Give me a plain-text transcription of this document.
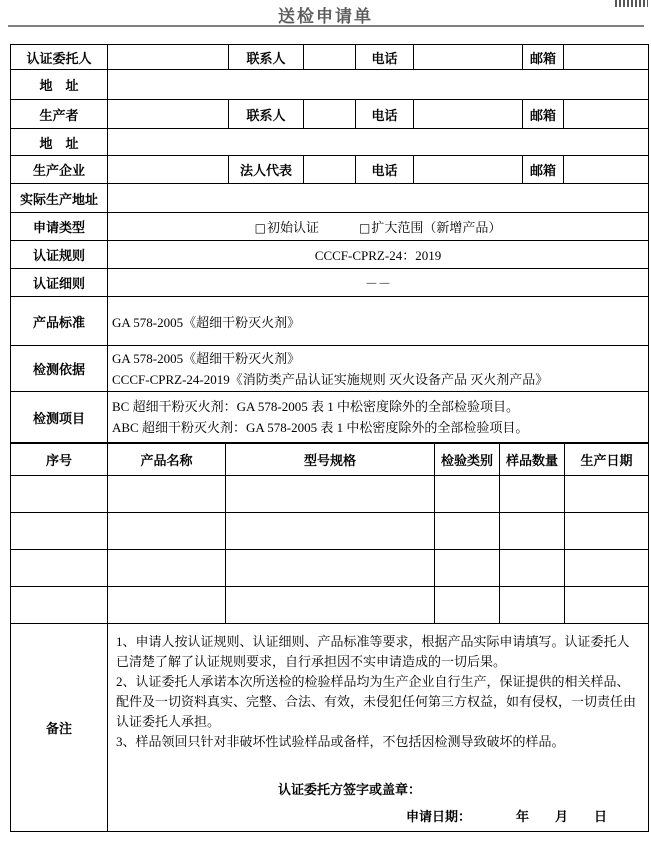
送检申请单
认证委托人		联系人		电话		邮箱	
地　址							
生产者		联系人		电话		邮箱	
地　址							
生产企业		法人代表		电话		邮箱	
实际生产地址							
申请类型	□初始认证 □扩大范围（新增产品）						
认证规则	CCCF-CPRZ-24：2019						
认证细则	－－						
产品标准	GA 578-2005《超细干粉灭火剂》						
检测依据	GA 578-2005《超细干粉灭火剂》
CCCF-CPRZ-24-2019《消防类产品认证实施规则 灭火设备产品 灭火剂产品》						

检测项目	BC 超细干粉灭火剂：GA 578-2005 表 1 中松密度除外的全部检验项目。
ABC 超细干粉灭火剂：GA 578-2005 表 1 中松密度除外的全部检验项目。						
序号	产品名称	型号规格	检验类别	样品数量	生产日期

备注	
1、申请人按认证规则、认证细则、产品标准等要求，根据产品实际申请填写。认证委托人已清楚了解了认证规则要求，自行承担因不实申请造成的一切后果。
2、认证委托人承诺本次所送检的检验样品均为生产企业自行生产，保证提供的相关样品、配件及一切资料真实、完整、合法、有效，未侵犯任何第三方权益，如有侵权，一切责任由认证委托人承担。
3、样品领回只针对非破坏性试验样品或备样，不包括因检测导致破坏的样品。
认证委托方签字或盖章：
申请日期：	年 月 日
